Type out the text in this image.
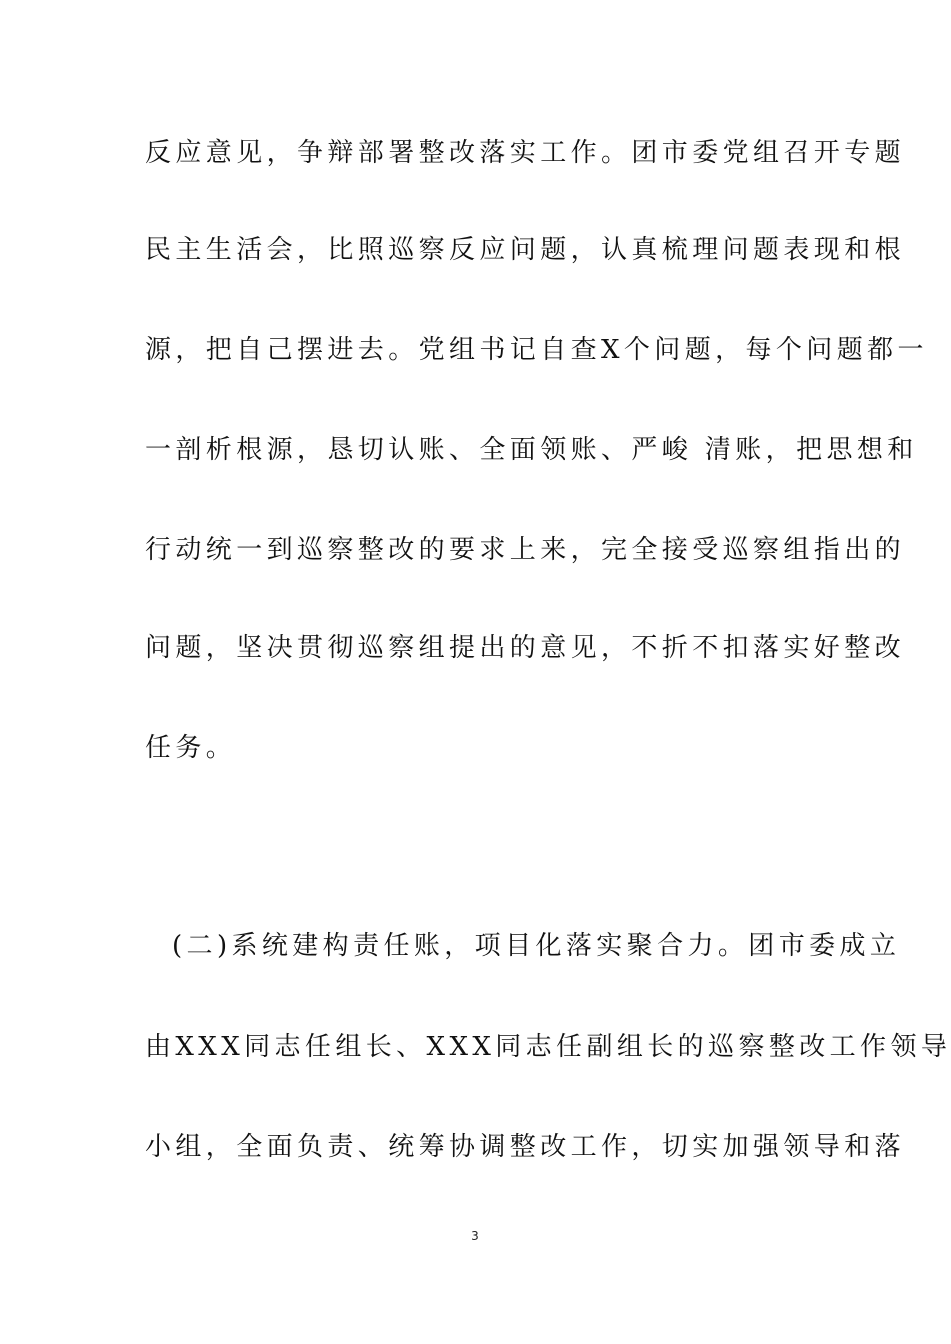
反应意见，争辩部署整改落实工作。团市委党组召开专题
民主生活会，比照巡察反应问题，认真梳理问题表现和根
源，把自己摆进去。党组书记自查X个问题，每个问题都一
一剖析根源，恳切认账、全面领账、严峻 清账，把思想和
行动统一到巡察整改的要求上来，完全接受巡察组指出的
问题，坚决贯彻巡察组提出的意见，不折不扣落实好整改
任务。
(二)系统建构责任账，项目化落实聚合力。团市委成立
由XXX同志任组长、XXX同志任副组长的巡察整改工作领导
小组，全面负责、统筹协调整改工作，切实加强领导和落
3
